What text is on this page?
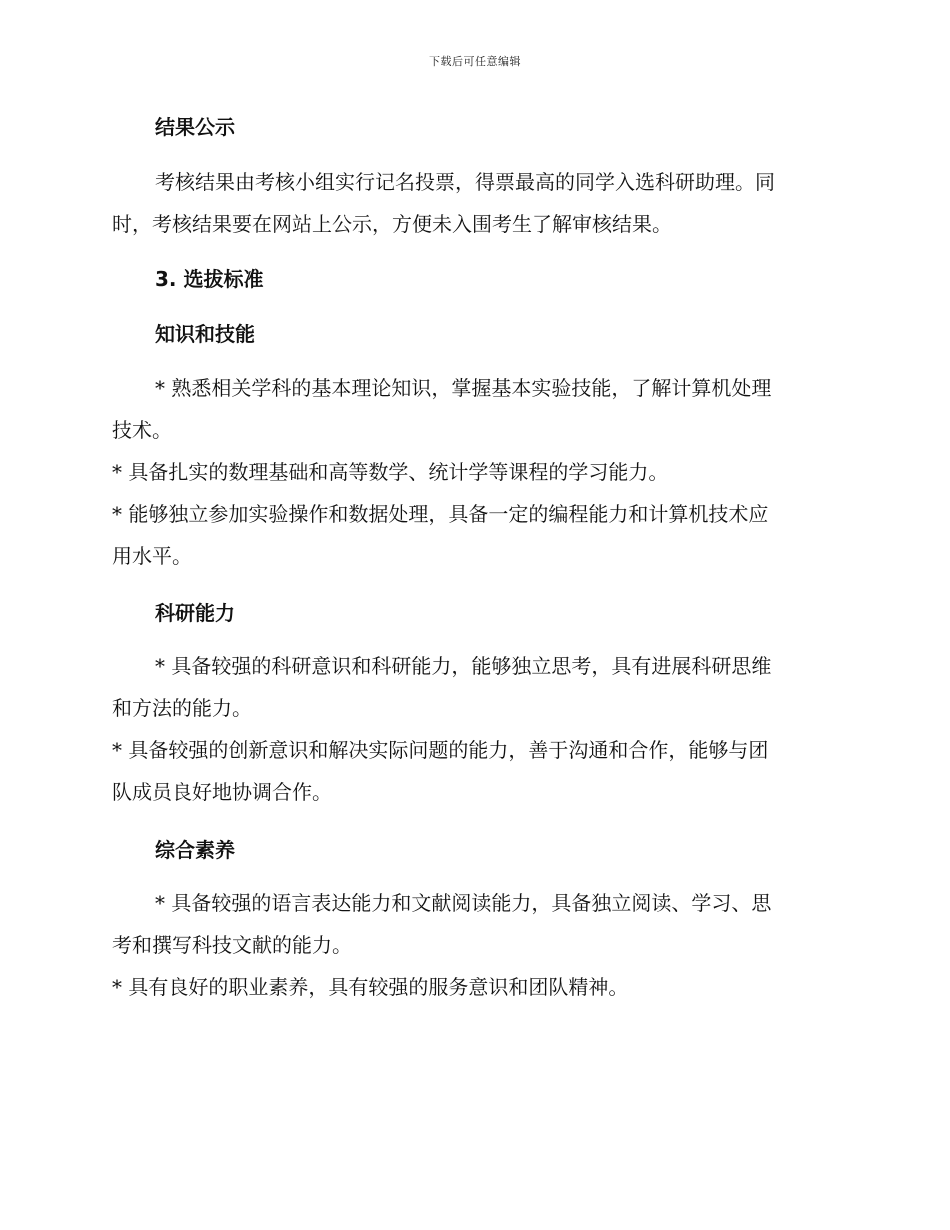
下载后可任意编辑
结果公示
考核结果由考核小组实行记名投票，得票最高的同学入选科研助理。同
时，考核结果要在网站上公示，方便未入围考生了解审核结果。
3. 选拔标准
知识和技能
* 熟悉相关学科的基本理论知识，掌握基本实验技能，了解计算机处理
技术。
* 具备扎实的数理基础和高等数学、统计学等课程的学习能力。
* 能够独立参加实验操作和数据处理，具备一定的编程能力和计算机技术应
用水平。
科研能力
* 具备较强的科研意识和科研能力，能够独立思考，具有进展科研思维
和方法的能力。
* 具备较强的创新意识和解决实际问题的能力，善于沟通和合作，能够与团
队成员良好地协调合作。
综合素养
* 具备较强的语言表达能力和文献阅读能力，具备独立阅读、学习、思
考和撰写科技文献的能力。
* 具有良好的职业素养，具有较强的服务意识和团队精神。
